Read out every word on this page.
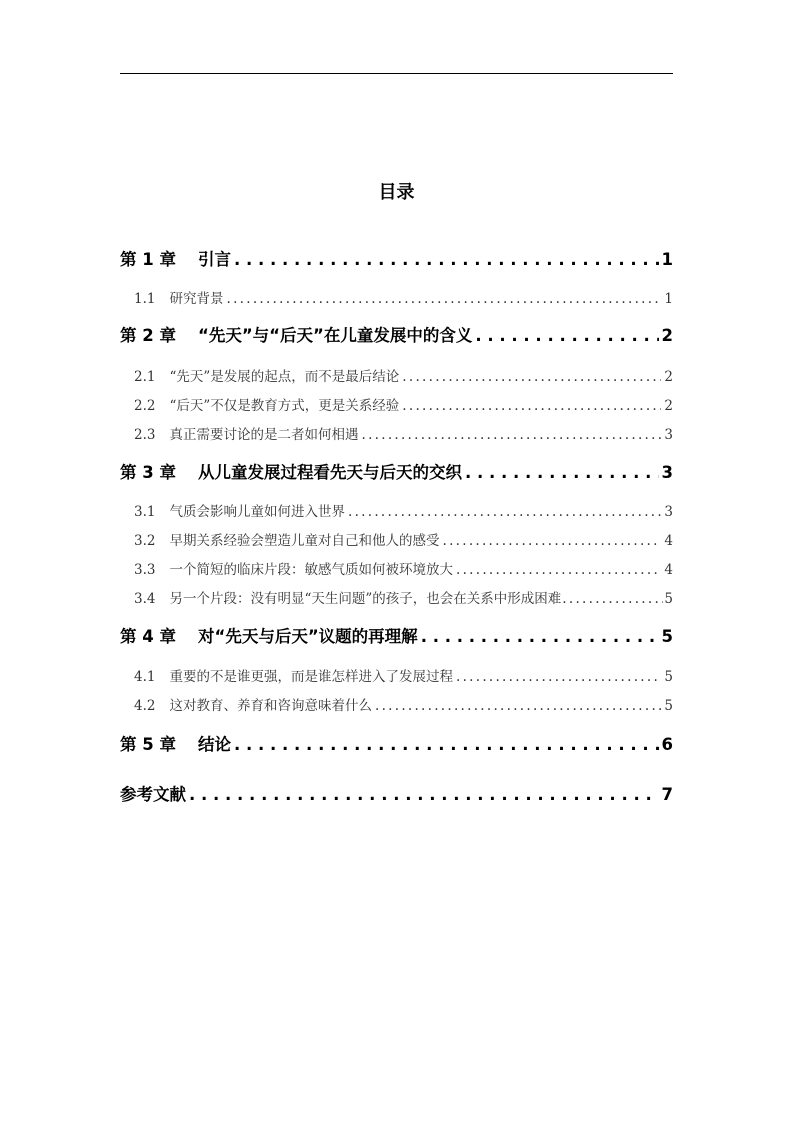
目录
第 1 章 引言 . . .	1
1.1 研究背景 . . .	1
第 2 章 “先天”与“后天”在儿童发展中的含义 . . .	2
2.1 “先天”是发展的起点，而不是最后结论 . . .	2
2.2 “后天”不仅是教育方式，更是关系经验 . . .	2
2.3 真正需要讨论的是二者如何相遇 . . .	3
第 3 章 从儿童发展过程看先天与后天的交织 . . .	3
3.1 气质会影响儿童如何进入世界 . . .	3
3.2 早期关系经验会塑造儿童对自己和他人的感受 . . .	4
3.3 一个简短的临床片段：敏感气质如何被环境放大 . . .	4
3.4 另一个片段：没有明显“天生问题”的孩子，也会在关系中形成困难 . . .	5
第 4 章 对“先天与后天”议题的再理解 . . .	5
4.1 重要的不是谁更强，而是谁怎样进入了发展过程 . . .	5
4.2 这对教育、养育和咨询意味着什么 . . .	5
第 5 章 结论 . . .	6
参考文献 . . .	7
